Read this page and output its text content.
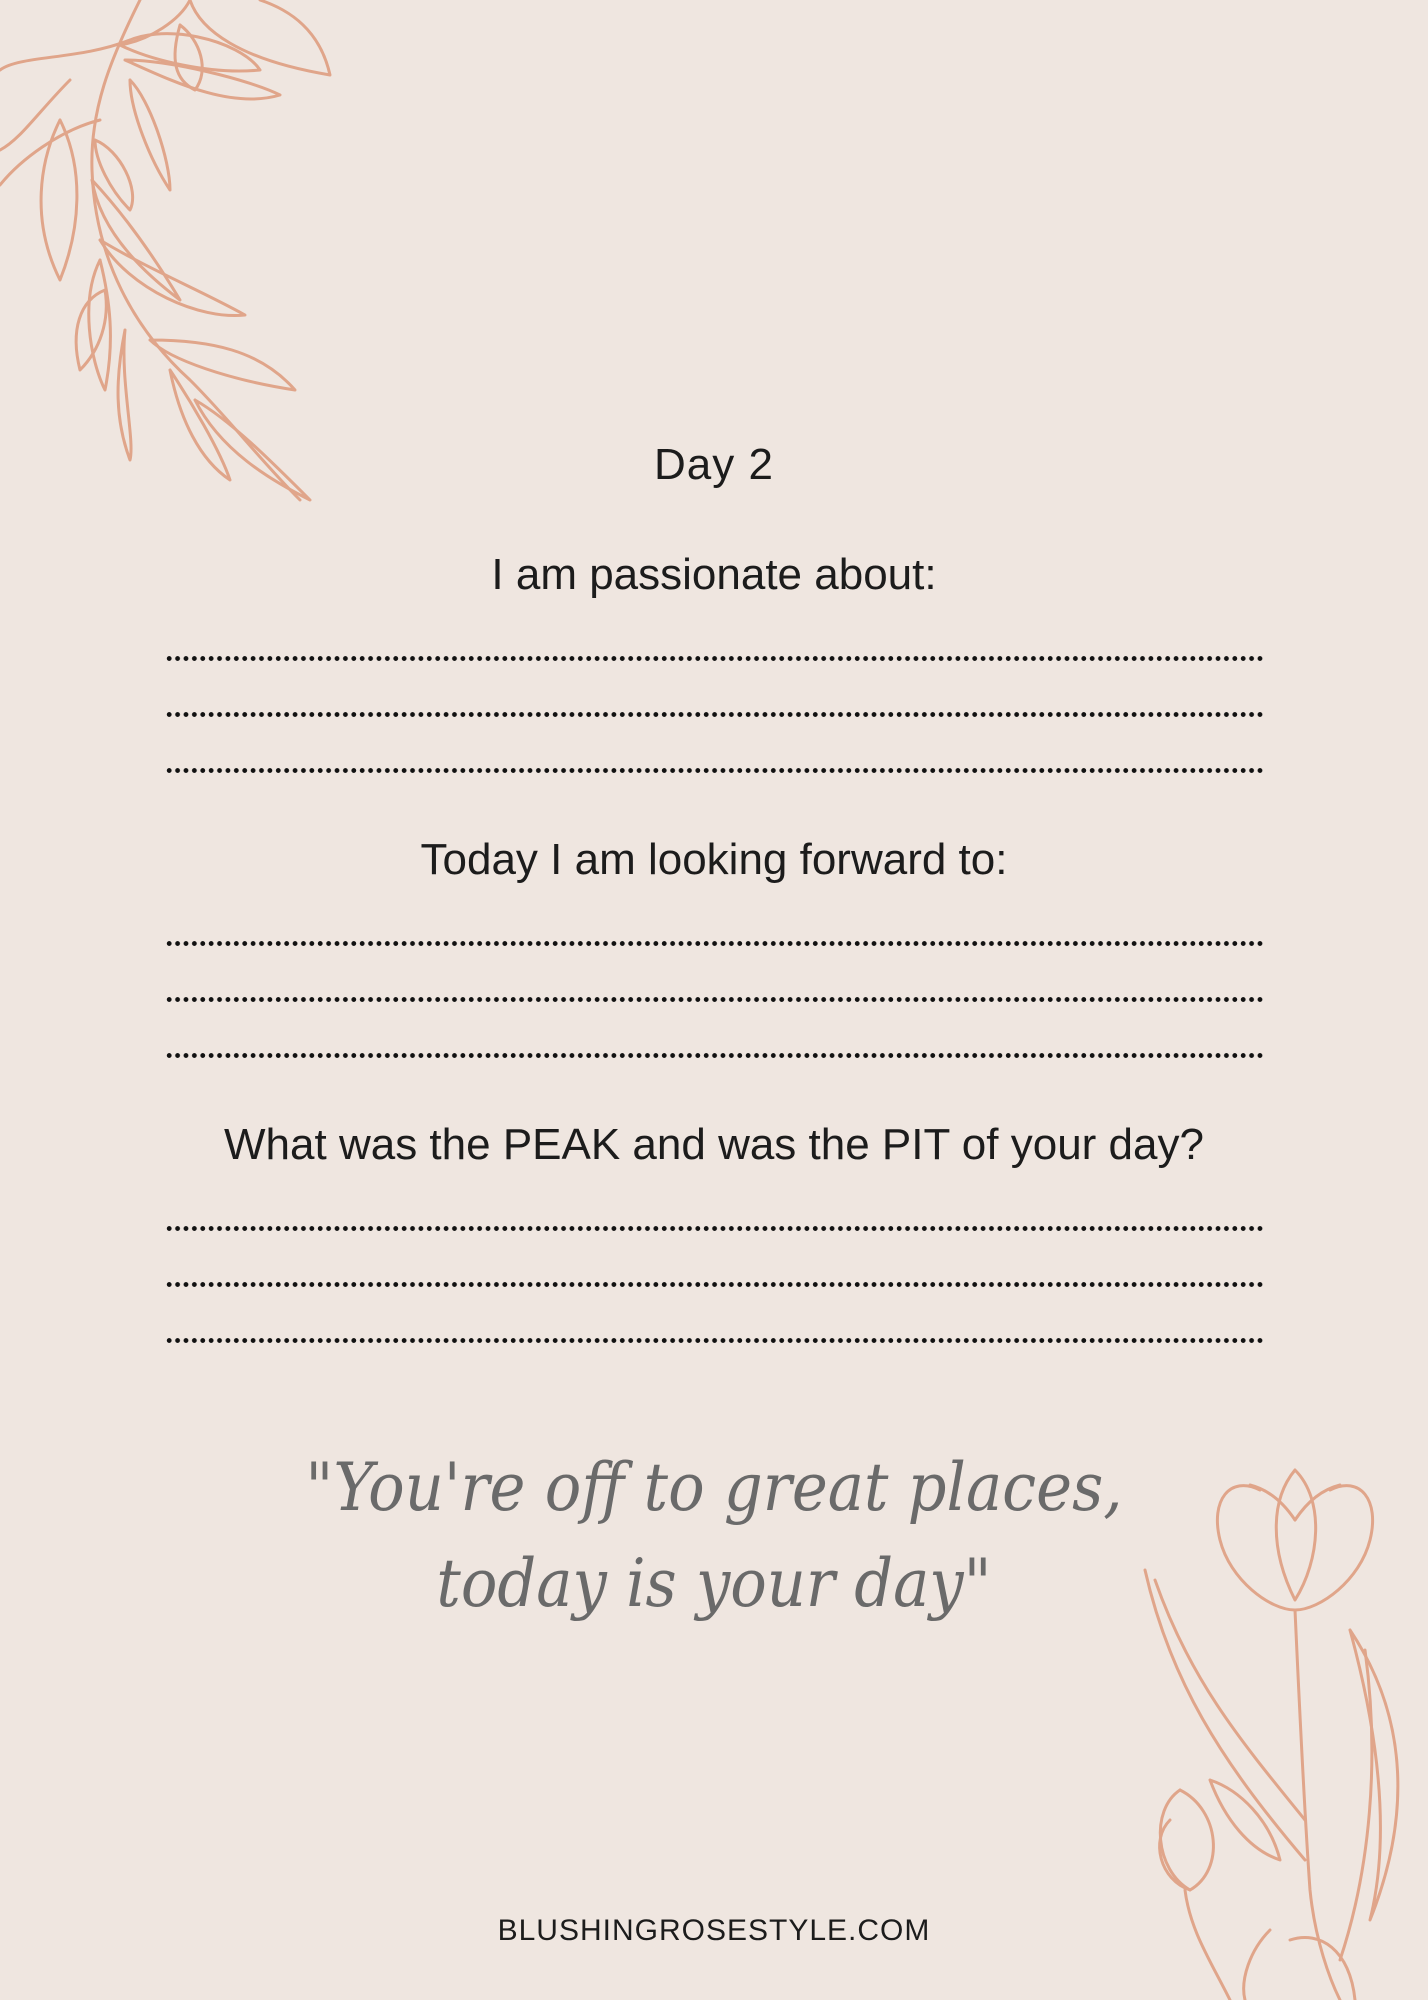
Day 2
I am passionate about:
Today I am looking forward to:
What was the PEAK and was the PIT of your day?
"You're off to great places,
today is your day"
BLUSHINGROSESTYLE.COM
